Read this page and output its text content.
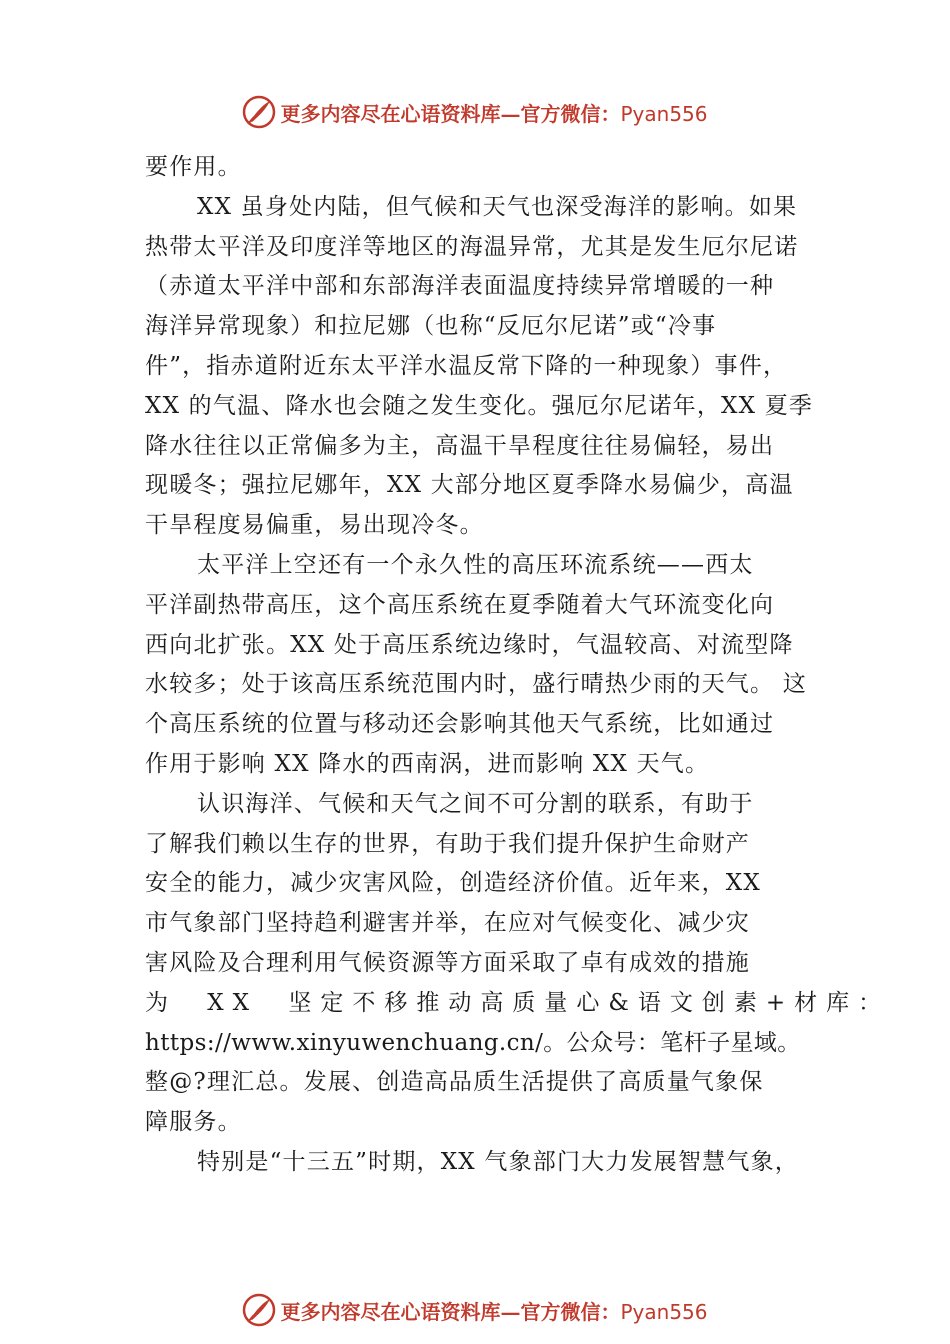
更多内容尽在心语资料库—官方微信：Pyan556
要作用。
XX 虽身处内陆，但气候和天气也深受海洋的影响。如果
热带太平洋及印度洋等地区的海温异常，尤其是发生厄尔尼诺
（赤道太平洋中部和东部海洋表面温度持续异常增暖的一种
海洋异常现象）和拉尼娜（也称“反厄尔尼诺”或“冷事
件”，指赤道附近东太平洋水温反常下降的一种现象）事件，
XX 的气温、降水也会随之发生变化。强厄尔尼诺年，XX 夏季
降水往往以正常偏多为主，高温干旱程度往往易偏轻，易出
现暖冬；强拉尼娜年，XX 大部分地区夏季降水易偏少，高温
干旱程度易偏重，易出现冷冬。
太平洋上空还有一个永久性的高压环流系统——西太
平洋副热带高压，这个高压系统在夏季随着大气环流变化向
西向北扩张。XX 处于高压系统边缘时，气温较高、对流型降
水较多；处于该高压系统范围内时，盛行晴热少雨的天气。 这
个高压系统的位置与移动还会影响其他天气系统，比如通过
作用于影响 XX 降水的西南涡，进而影响 XX 天气。
认识海洋、气候和天气之间不可分割的联系，有助于
了解我们赖以生存的世界，有助于我们提升保护生命财产
安全的能力，减少灾害风险，创造经济价值。近年来，XX
市气象部门坚持趋利避害并举，在应对气候变化、减少灾
害风险及合理利用气候资源等方面采取了卓有成效的措施
为 XX 坚定不移推动高质量心&语文创素+材库：
https://www.xinyuwenchuang.cn/。公众号：笔杆子星域。
整@?理汇总。发展、创造高品质生活提供了高质量气象保
障服务。
特别是“十三五”时期，XX 气象部门大力发展智慧气象，
更多内容尽在心语资料库—官方微信：Pyan556
